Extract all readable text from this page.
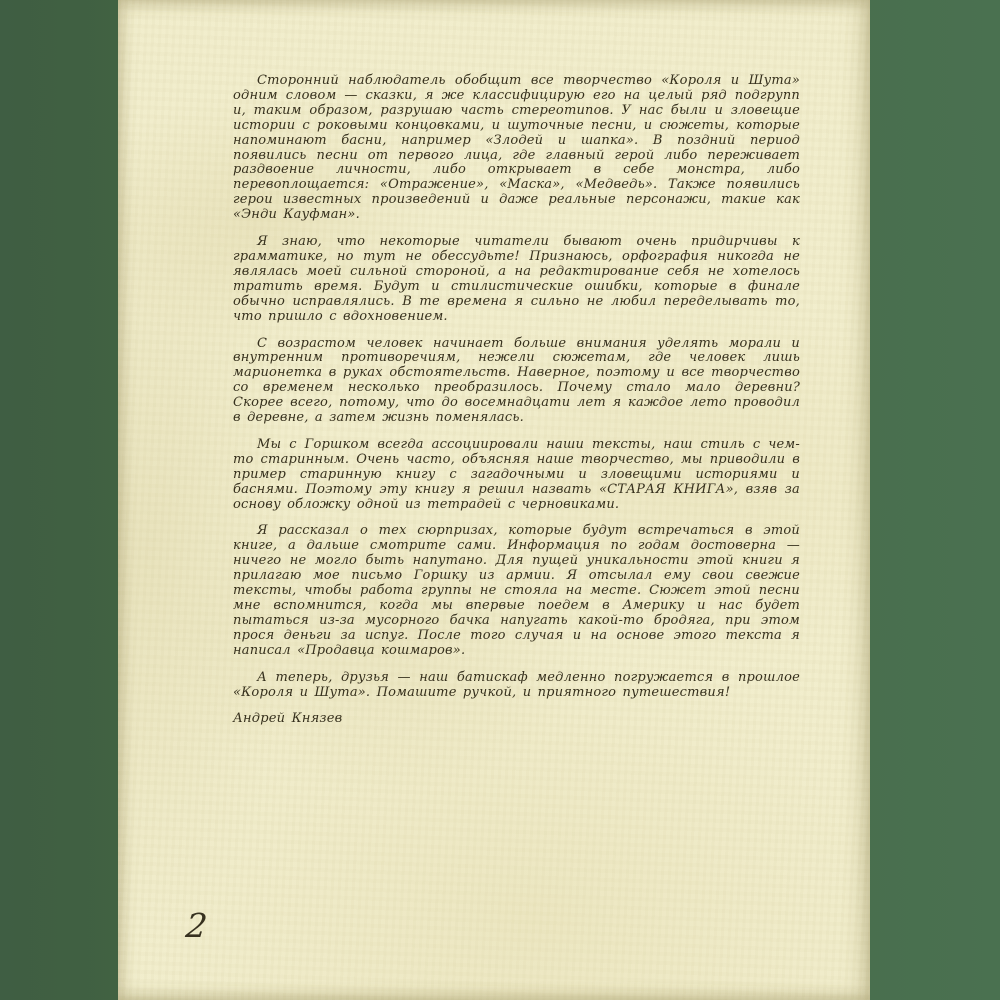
Сторонний наблюдатель обобщит все творчество «Короля и Шута» одним словом — сказки, я же классифицирую его на целый ряд подгрупп и, таким образом, разрушаю часть стереотипов. У нас были и зловещие истории с роковыми концовками, и шуточные песни, и сюжеты, которые напоминают басни, например «Злодей и шапка». В поздний период появились песни от первого лица, где главный герой либо переживает раздвоение личности, либо открывает в себе монстра, либо перевоплощается: «Отражение», «Маска», «Медведь». Также появились герои известных произведений и даже реальные персонажи, такие как «Энди Кауфман».

Я знаю, что некоторые читатели бывают очень придирчивы к грамматике, но тут не обессудьте! Признаюсь, орфография никогда не являлась моей сильной стороной, а на редактирование себя не хотелось тратить время. Будут и стилистические ошибки, которые в финале обычно исправлялись. В те времена я сильно не любил переделывать то, что пришло с вдохновением.

С возрастом человек начинает больше внимания уделять морали и внутренним противоречиям, нежели сюжетам, где человек лишь марионетка в руках обстоятельств. Наверное, поэтому и все творчество со временем несколько преобразилось. Почему стало мало деревни? Скорее всего, потому, что до восемнадцати лет я каждое лето проводил в деревне, а затем жизнь поменялась.

Мы с Горшком всегда ассоциировали наши тексты, наш стиль с чем-то старинным. Очень часто, объясняя наше творчество, мы приводили в пример старинную книгу с загадочными и зловещими историями и баснями. Поэтому эту книгу я решил назвать «СТАРАЯ КНИГА», взяв за основу обложку одной из тетрадей с черновиками.

Я рассказал о тех сюрпризах, которые будут встречаться в этой книге, а дальше смотрите сами. Информация по годам достоверна — ничего не могло быть напутано. Для пущей уникальности этой книги я прилагаю мое письмо Горшку из армии. Я отсылал ему свои свежие тексты, чтобы работа группы не стояла на месте. Сюжет этой песни мне вспомнится, когда мы впервые поедем в Америку и нас будет пытаться из-за мусорного бачка напугать какой-то бродяга, при этом прося деньги за испуг. После того случая и на основе этого текста я написал «Продавца кошмаров».

А теперь, друзья — наш батискаф медленно погружается в прошлое «Короля и Шута». Помашите ручкой, и приятного путешествия!

Андрей Князев

2
